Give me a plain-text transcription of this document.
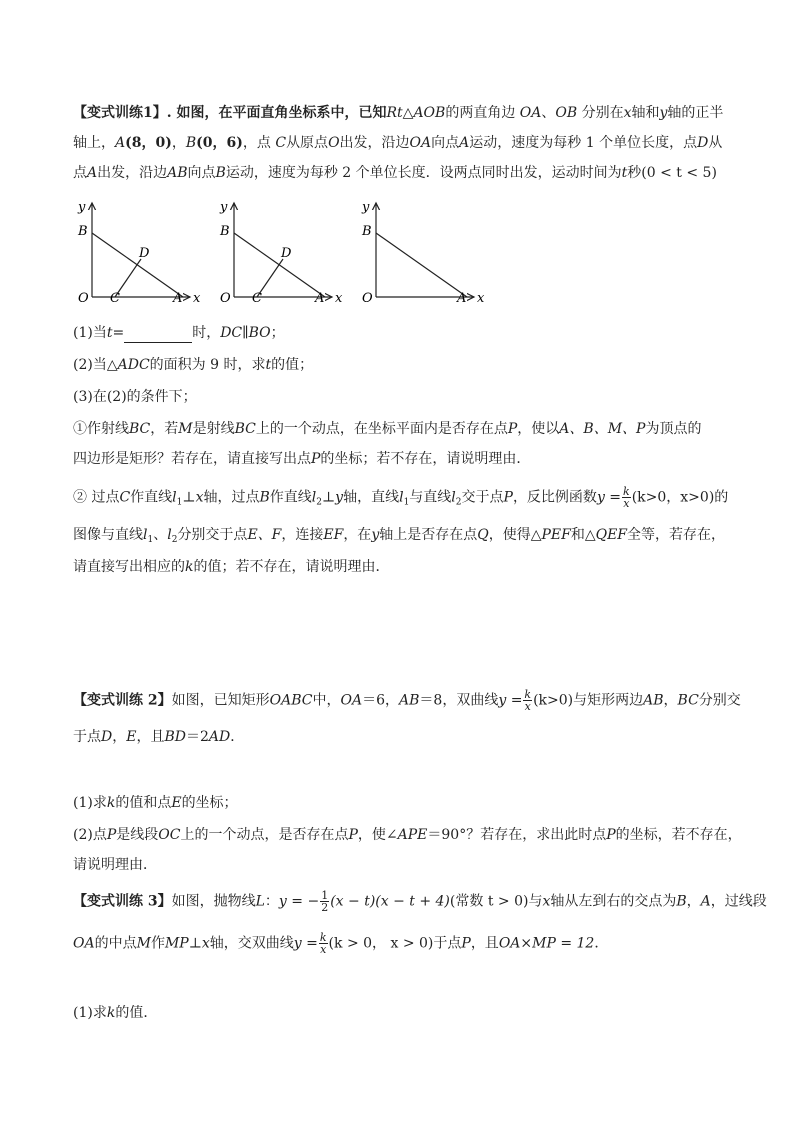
【变式训练1】. 如图，在平面直角坐标系中，已知Rt△AOB的两直角边 OA、OB 分别在x轴和y轴的正半
轴上，A(8，0)，B(0，6)，点 C从原点O出发，沿边OA向点A运动，速度为每秒 1 个单位长度，点D从
点A出发，沿边AB向点B运动，速度为每秒 2 个单位长度．设两点同时出发，运动时间为t秒(0 < t < 5)
y
B
D
O C	A x
y
B
D
O C	A x
y
B
O	A x
(1)当t=	时，DC∥BO；
(2)当△ADC的面积为 9 时，求t的值；
(3)在(2)的条件下；
①作射线BC，若M是射线BC上的一个动点，在坐标平面内是否存在点P，使以A、B、M、P为顶点的
四边形是矩形？若存在，请直接写出点P的坐标；若不存在，请说明理由．
② 过点C作直线$l_1\perp x$轴，过点B作直线$l_2\perp y$轴，直线$l_1$与直线$l_2$交于点P，反比例函数$y = \frac{k}{x} (k>0$，x>0)的
图像与直线$l_1$、$l_2$分别交于点E、F，连接EF，在y轴上是否存在点Q，使得△PEF和△QEF全等，若存在，
请直接写出相应的k的值；若不存在，请说明理由．
【变式训练 2】如图，已知矩形OABC中，OA＝6，AB＝8，双曲线$y = \frac{k}{x} (k>0)$与矩形两边AB，BC分别交
于点D，E，且BD＝2AD．
(1)求k的值和点E的坐标；
(2)点P是线段OC上的一个动点，是否存在点P，使∠APE＝90°？若存在，求出此时点P的坐标，若不存在，
请说明理由．
【变式训练 3】如图，抛物线L：y = − $\frac{1}{2} (x - t)(x - t + 4)$(常数 t > 0)与x轴从左到右的交点为B，A，过线段
OA的中点M作MP⊥x轴，交双曲线$y = \frac{k}{x} (k > 0$， x > 0)于点P，且OA×MP = 12．
(1)求k的值．
